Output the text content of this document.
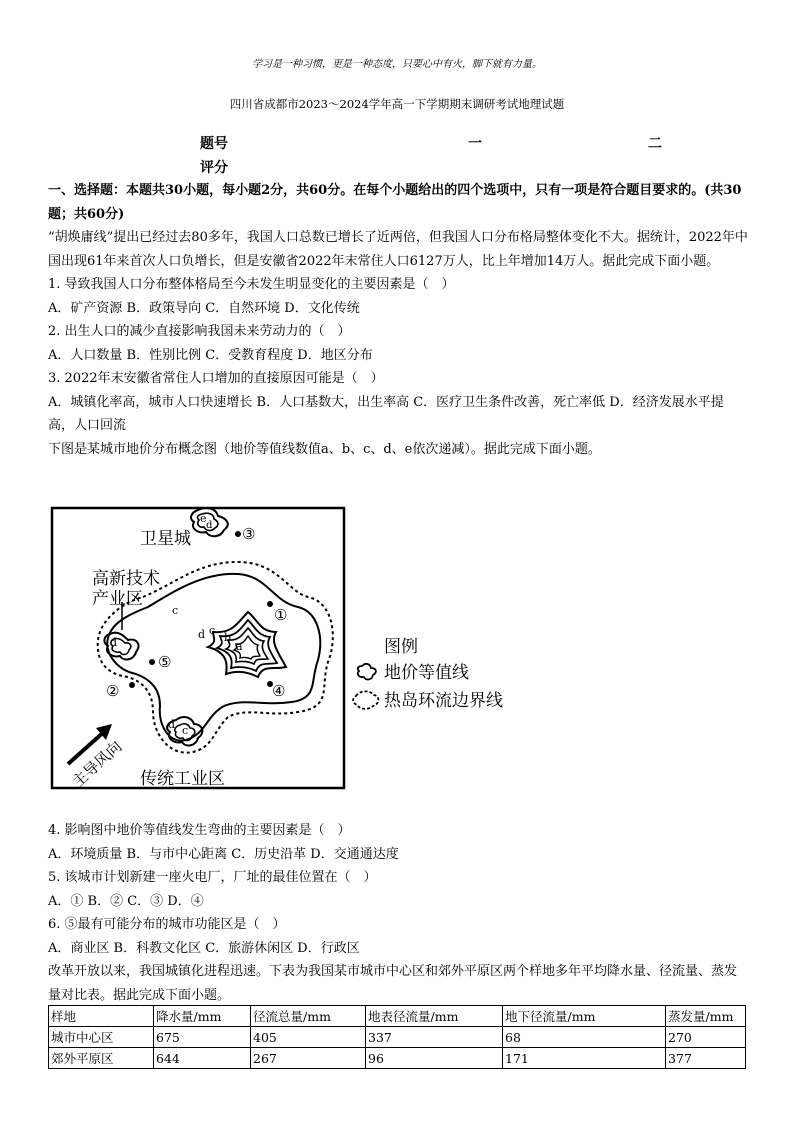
学习是一种习惯，更是一种态度，只要心中有火，脚下就有力量。
四川省成都市2023～2024学年高一下学期期末调研考试地理试题
题号	一	二
评分

一、选择题：本题共30小题，每小题2分，共60分。在每个小题给出的四个选项中，只有一项是符合题目要求的。(共30题；共60分)

“胡焕庸线”提出已经过去80多年，我国人口总数已增长了近两倍，但我国人口分布格局整体变化不大。据统计，2022年中国出现61年来首次人口负增长，但是安徽省2022年末常住人口6127万人，比上年增加14万人。据此完成下面小题。

1. 导致我国人口分布整体格局至今未发生明显变化的主要因素是（　）

A．矿产资源 B．政策导向 C．自然环境 D．文化传统

2. 出生人口的减少直接影响我国未来劳动力的（　）

A．人口数量 B．性别比例 C．受教育程度 D．地区分布

3. 2022年末安徽省常住人口增加的直接原因可能是（　）

A．城镇化率高，城市人口快速增长 B．人口基数大，出生率高 C．医疗卫生条件改善，死亡率低 D．经济发展水平提高，人口回流

下图是某城市地价分布概念图（地价等值线数值a、b、c、d、e依次递减）。据此完成下面小题。

e
d
c
d c
b
a
d
d c
③
①
④
⑤
②
卫星城
高新技术
产业区
传统工业区
主导风向
图例
地价等值线
热岛环流边界线

4. 影响图中地价等值线发生弯曲的主要因素是（　）

A．环境质量 B．与市中心距离 C．历史沿革 D．交通通达度

5. 该城市计划新建一座火电厂，厂址的最佳位置在（　）

A．① B．② C．③ D．④

6. ⑤最有可能分布的城市功能区是（　）

A．商业区 B．科教文化区 C．旅游休闲区 D．行政区

改革开放以来，我国城镇化进程迅速。下表为我国某市城市中心区和郊外平原区两个样地多年平均降水量、径流量、蒸发量对比表。据此完成下面小题。

样地	降水量/mm	径流总量/mm	地表径流量/mm	地下径流量/mm	蒸发量/mm
城市中心区	675	405	337	68	270
郊外平原区	644	267	96	171	377
